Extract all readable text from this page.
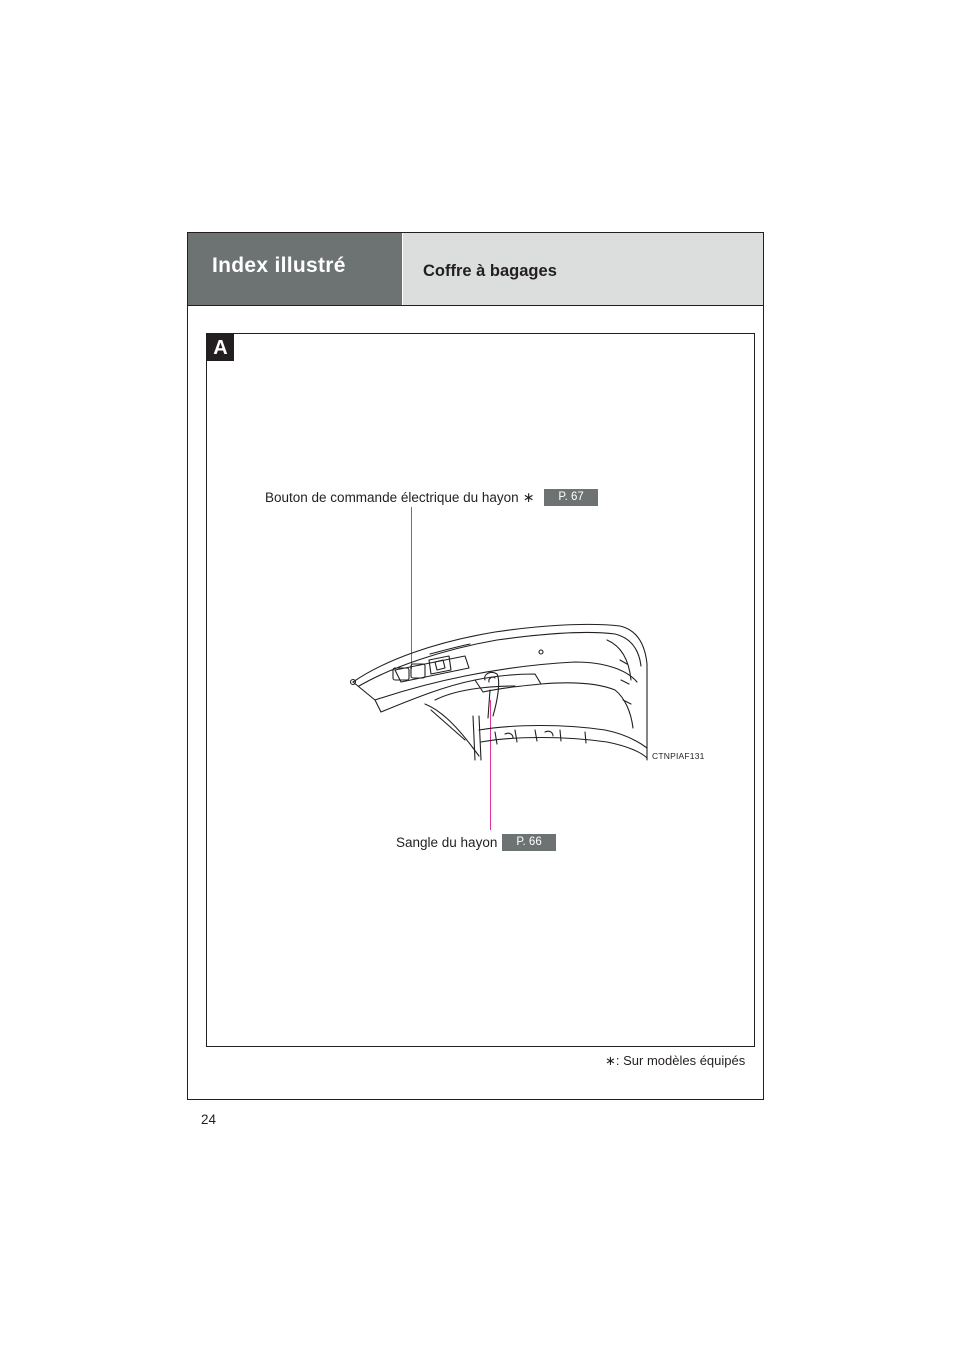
Index illustré	Coffre à bagages
A
Bouton de commande électrique du hayon ∗	P. 67
Sangle du hayon	P. 66
CTNPIAF131
∗: Sur modèles équipés
24
